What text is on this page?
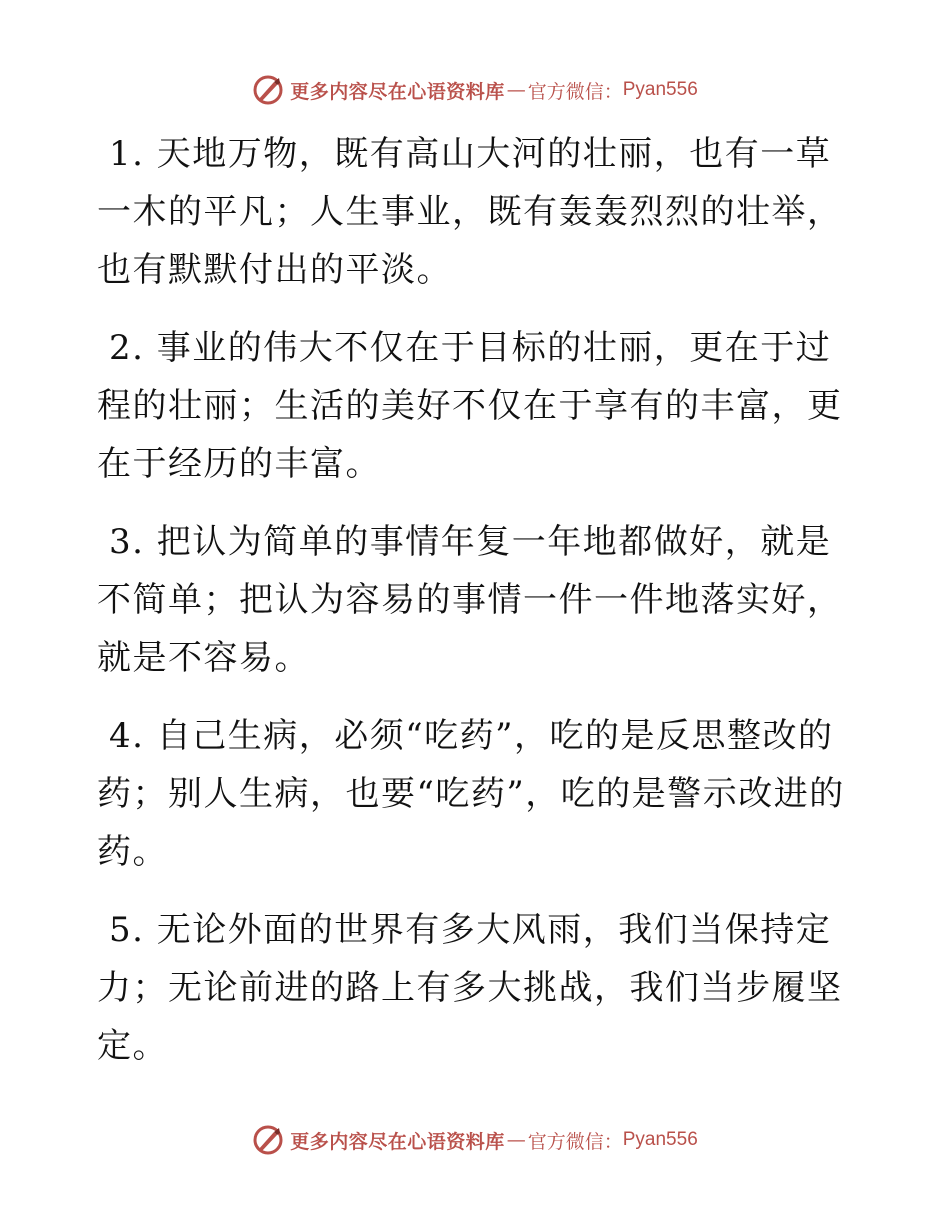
更多内容尽在心语资料库 — 官方微信： Pyan556

1. 天地万物，既有高山大河的壮丽，也有一草一木的平凡；人生事业，既有轰轰烈烈的壮举，也有默默付出的平淡。

2. 事业的伟大不仅在于目标的壮丽，更在于过程的壮丽；生活的美好不仅在于享有的丰富，更在于经历的丰富。

3. 把认为简单的事情年复一年地都做好，就是不简单；把认为容易的事情一件一件地落实好，就是不容易。

4. 自己生病，必须“吃药”，吃的是反思整改的药；别人生病，也要“吃药”，吃的是警示改进的药。

5. 无论外面的世界有多大风雨，我们当保持定力；无论前进的路上有多大挑战，我们当步履坚定。

更多内容尽在心语资料库 — 官方微信： Pyan556
